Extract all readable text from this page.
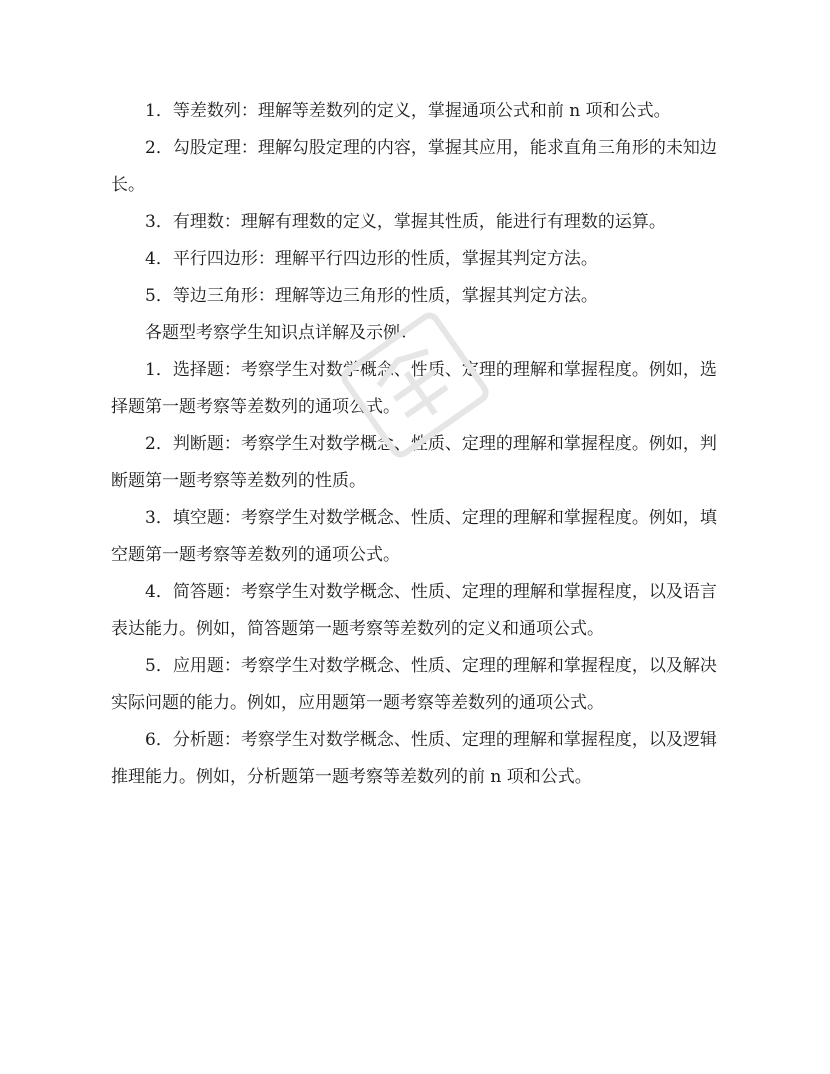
1．等差数列：理解等差数列的定义，掌握通项公式和前 n 项和公式。

2．勾股定理：理解勾股定理的内容，掌握其应用，能求直角三角形的未知边长。

3．有理数：理解有理数的定义，掌握其性质，能进行有理数的运算。

4．平行四边形：理解平行四边形的性质，掌握其判定方法。

5．等边三角形：理解等边三角形的性质，掌握其判定方法。

各题型考察学生知识点详解及示例：

1．选择题：考察学生对数学概念、性质、定理的理解和掌握程度。例如，选择题第一题考察等差数列的通项公式。

2．判断题：考察学生对数学概念、性质、定理的理解和掌握程度。例如，判断题第一题考察等差数列的性质。

3．填空题：考察学生对数学概念、性质、定理的理解和掌握程度。例如，填空题第一题考察等差数列的通项公式。

4．简答题：考察学生对数学概念、性质、定理的理解和掌握程度，以及语言表达能力。例如，简答题第一题考察等差数列的定义和通项公式。

5．应用题：考察学生对数学概念、性质、定理的理解和掌握程度，以及解决实际问题的能力。例如，应用题第一题考察等差数列的通项公式。

6．分析题：考察学生对数学概念、性质、定理的理解和掌握程度，以及逻辑推理能力。例如，分析题第一题考察等差数列的前 n 项和公式。
